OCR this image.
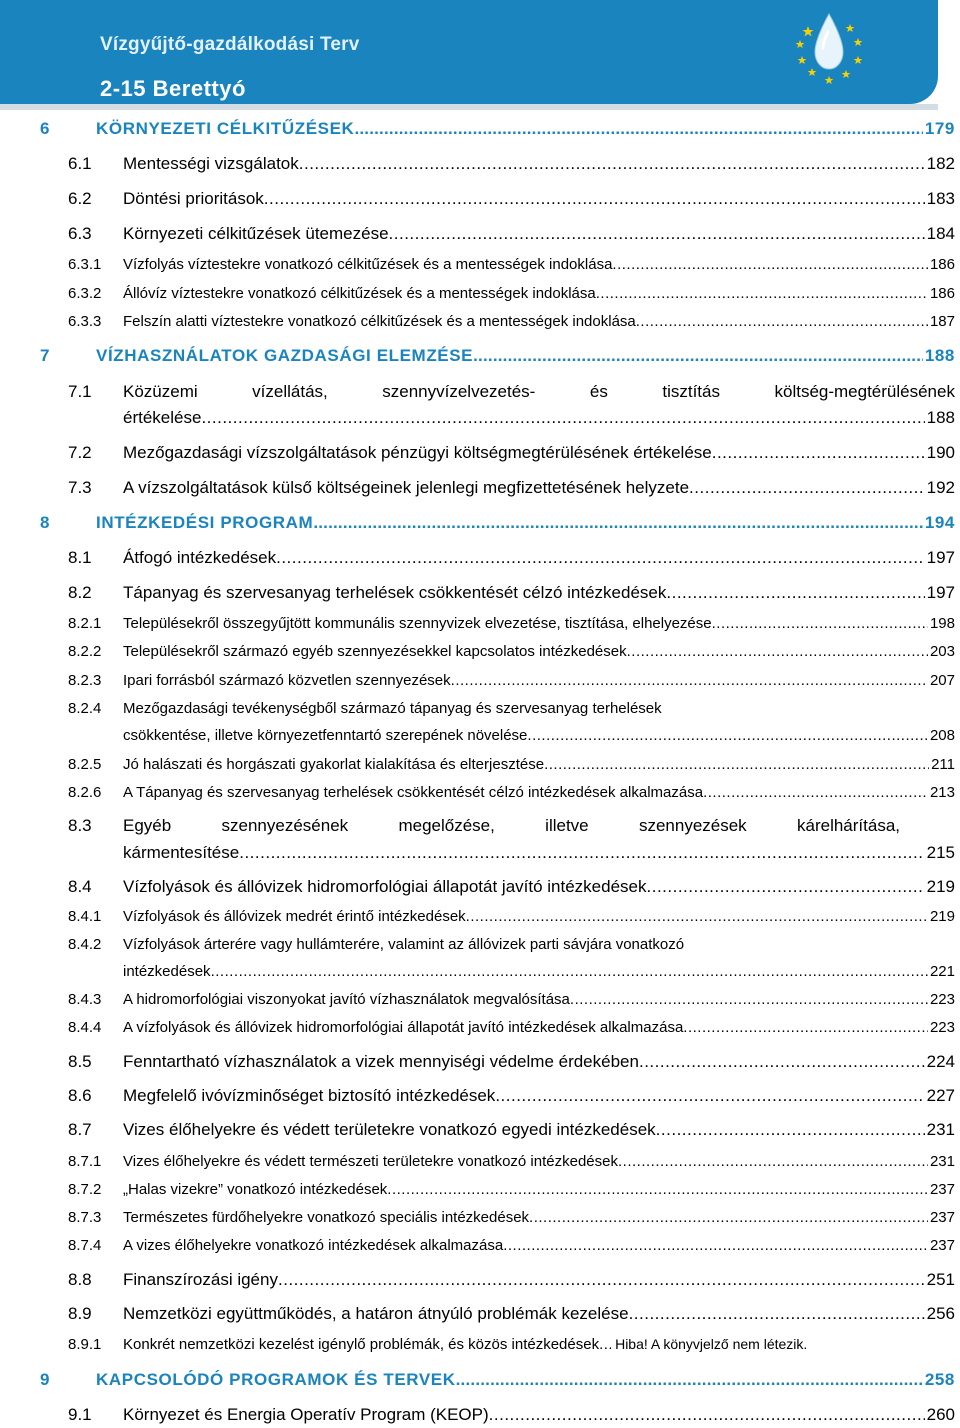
Vízgyűjtő-gazdálkodási Terv
2-15 Berettyó
6	KÖRNYEZETI CÉLKITŰZÉSEK .....	179
6.1	Mentességi vizsgálatok .....	182
6.2	Döntési prioritások .....	183
6.3	Környezeti célkitűzések ütemezése .....	184
6.3.1	Vízfolyás víztestekre vonatkozó célkitűzések és a mentességek indoklása .....	186
6.3.2	Állóvíz víztestekre vonatkozó célkitűzések és a mentességek indoklása .....	186
6.3.3	Felszín alatti víztestekre vonatkozó célkitűzések és a mentességek indoklása .....	187
7	VÍZHASZNÁLATOK GAZDASÁGI ELEMZÉSE .....	188
7.1	Közüzemi	vízellátás,	szennyvízelvezetés-	és	tisztítás	költség-megtérülésének
értékelése .....	188
7.2	Mezőgazdasági vízszolgáltatások pénzügyi költségmegtérülésének értékelése .....	190
7.3	A vízszolgáltatások külső költségeinek jelenlegi megfizettetésének helyzete .....	192
8	INTÉZKEDÉSI PROGRAM .....	194
8.1	Átfogó intézkedések .....	197
8.2	Tápanyag és szervesanyag terhelések csökkentését célzó intézkedések .....	197
8.2.1	Településekről összegyűjtött kommunális szennyvizek elvezetése, tisztítása, elhelyezése .....	198
8.2.2	Településekről származó egyéb szennyezésekkel kapcsolatos intézkedések .....	203
8.2.3	Ipari forrásból származó közvetlen szennyezések .....	207
8.2.4	Mezőgazdasági tevékenységből származó tápanyag és szervesanyag terhelések
csökkentése, illetve környezetfenntartó szerepének növelése .....	208
8.2.5	Jó halászati és horgászati gyakorlat kialakítása és elterjesztése .....	211
8.2.6	A Tápanyag és szervesanyag terhelések csökkentését célzó intézkedések alkalmazása .....	213
8.3	Egyéb	szennyezésének	megelőzése,	illetve	szennyezések	kárelhárítása,
kármentesítése .....	215
8.4	Vízfolyások és állóvizek hidromorfológiai állapotát javító intézkedések .....	219
8.4.1	Vízfolyások és állóvizek medrét érintő intézkedések .....	219
8.4.2	Vízfolyások árterére vagy hullámterére, valamint az állóvizek parti sávjára vonatkozó
intézkedések .....	221
8.4.3	A hidromorfológiai viszonyokat javító vízhasználatok megvalósítása .....	223
8.4.4	A vízfolyások és állóvizek hidromorfológiai állapotát javító intézkedések alkalmazása .....	223
8.5	Fenntartható vízhasználatok a vizek mennyiségi védelme érdekében .....	224
8.6	Megfelelő ivóvízminőséget biztosító intézkedések .....	227
8.7	Vizes élőhelyekre és védett területekre vonatkozó egyedi intézkedések .....	231
8.7.1	Vizes élőhelyekre és védett természeti területekre vonatkozó intézkedések .....	231
8.7.2	„Halas vizekre” vonatkozó intézkedések .....	237
8.7.3	Természetes fürdőhelyekre vonatkozó speciális intézkedések .....	237
8.7.4	A vizes élőhelyekre vonatkozó intézkedések alkalmazása .....	237
8.8	Finanszírozási igény .....	251
8.9	Nemzetközi együttműködés, a határon átnyúló problémák kezelése .....	256
8.9.1	Konkrét nemzetközi kezelést igénylő problémák, és közös intézkedések ..... Hiba! A könyvjelző nem létezik.
9	KAPCSOLÓDÓ PROGRAMOK ÉS TERVEK .....	258
9.1	Környezet és Energia Operatív Program (KEOP) .....	260
